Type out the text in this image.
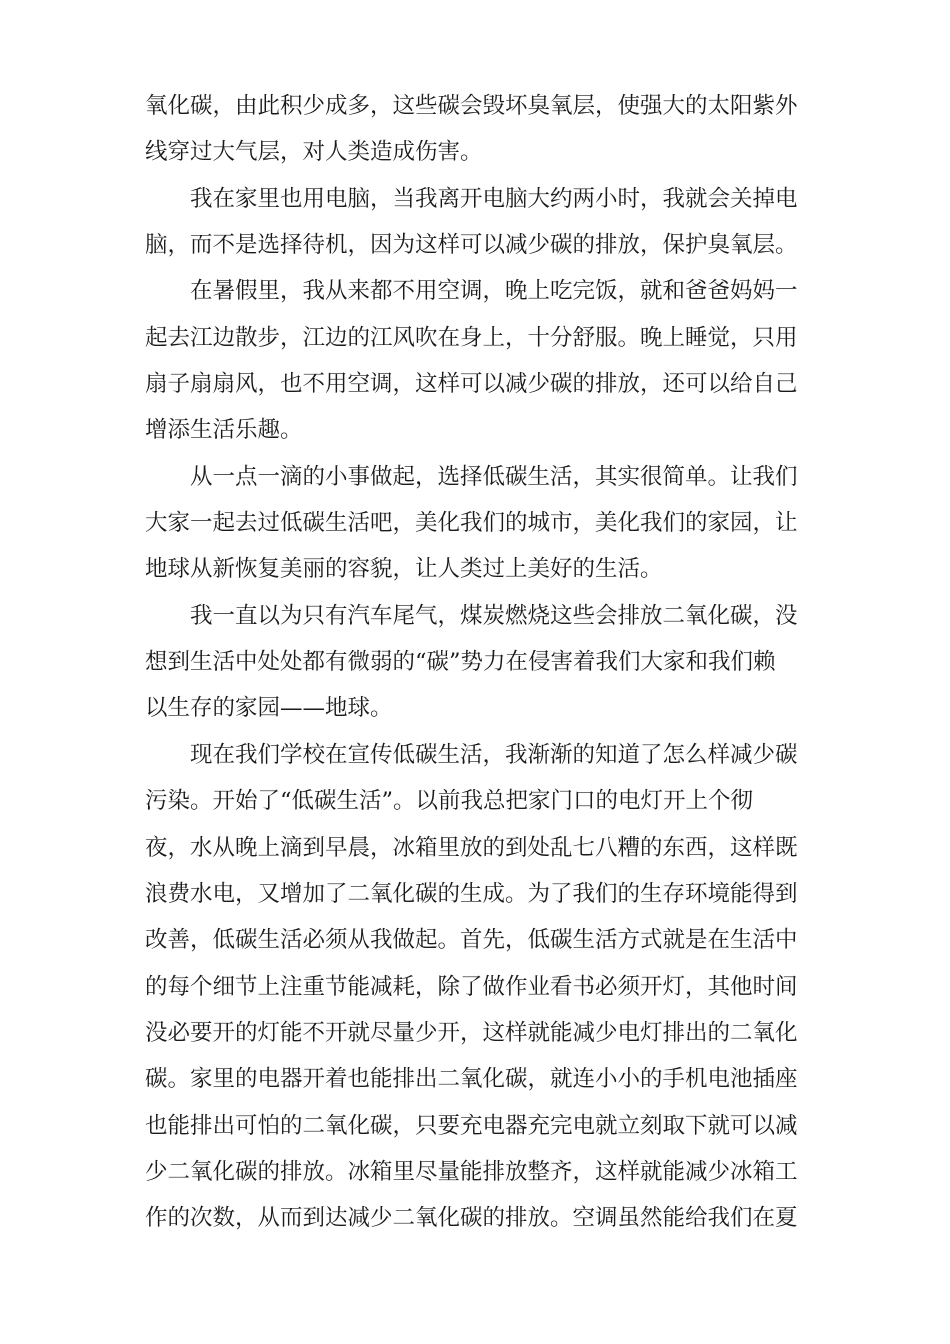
氧化碳，由此积少成多，这些碳会毁坏臭氧层，使强大的太阳紫外
线穿过大气层，对人类造成伤害。
　　我在家里也用电脑，当我离开电脑大约两小时，我就会关掉电
脑，而不是选择待机，因为这样可以减少碳的排放，保护臭氧层。
　　在暑假里，我从来都不用空调，晚上吃完饭，就和爸爸妈妈一
起去江边散步，江边的江风吹在身上，十分舒服。晚上睡觉，只用
扇子扇扇风，也不用空调，这样可以减少碳的排放，还可以给自己
增添生活乐趣。
　　从一点一滴的小事做起，选择低碳生活，其实很简单。让我们
大家一起去过低碳生活吧，美化我们的城市，美化我们的家园，让
地球从新恢复美丽的容貌，让人类过上美好的生活。
　　我一直以为只有汽车尾气，煤炭燃烧这些会排放二氧化碳，没
想到生活中处处都有微弱的“碳”势力在侵害着我们大家和我们赖
以生存的家园——地球。
　　现在我们学校在宣传低碳生活，我渐渐的知道了怎么样减少碳
污染。开始了“低碳生活”。以前我总把家门口的电灯开上个彻
夜，水从晚上滴到早晨，冰箱里放的到处乱七八糟的东西，这样既
浪费水电，又增加了二氧化碳的生成。为了我们的生存环境能得到
改善，低碳生活必须从我做起。首先，低碳生活方式就是在生活中
的每个细节上注重节能减耗，除了做作业看书必须开灯，其他时间
没必要开的灯能不开就尽量少开，这样就能减少电灯排出的二氧化
碳。家里的电器开着也能排出二氧化碳，就连小小的手机电池插座
也能排出可怕的二氧化碳，只要充电器充完电就立刻取下就可以减
少二氧化碳的排放。冰箱里尽量能排放整齐，这样就能减少冰箱工
作的次数，从而到达减少二氧化碳的排放。空调虽然能给我们在夏
